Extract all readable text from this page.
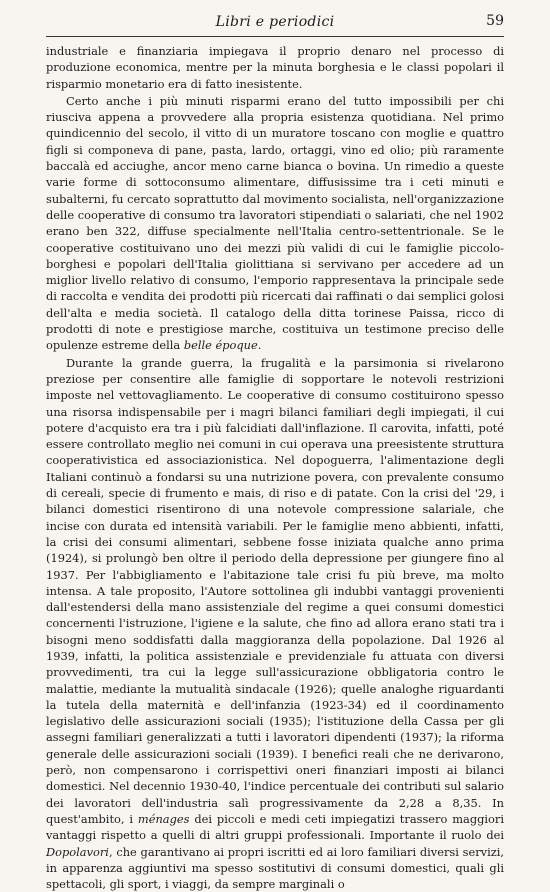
Libri e periodici	59

industriale e finanziaria impiegava il proprio denaro nel processo di produzione economica, mentre per la minuta borghesia e le classi popolari il risparmio monetario era di fatto inesistente.

Certo anche i più minuti risparmi erano del tutto impossibili per chi riusciva appena a provvedere alla propria esistenza quotidiana. Nel primo quindicennio del secolo, il vitto di un muratore toscano con moglie e quattro figli si componeva di pane, pasta, lardo, ortaggi, vino ed olio; più raramente baccalà ed acciughe, ancor meno carne bianca o bovina. Un rimedio a queste varie forme di sottoconsumo alimentare, diffusissime tra i ceti minuti e subalterni, fu cercato soprattutto dal movimento socialista, nell'organizzazione delle cooperative di consumo tra lavoratori stipendiati o salariati, che nel 1902 erano ben 322, diffuse specialmente nell'Italia centro-settentrionale. Se le cooperative costituivano uno dei mezzi più validi di cui le famiglie piccolo-borghesi e popolari dell'Italia giolittiana si servivano per accedere ad un miglior livello relativo di consumo, l'emporio rappresentava la principale sede di raccolta e vendita dei prodotti più ricercati dai raffinati o dai semplici golosi dell'alta e media società. Il catalogo della ditta torinese Paissa, ricco di prodotti di note e prestigiose marche, costituiva un testimone preciso delle opulenze estreme della belle époque.

Durante la grande guerra, la frugalità e la parsimonia si rivelarono preziose per consentire alle famiglie di sopportare le notevoli restrizioni imposte nel vettovagliamento. Le cooperative di consumo costituirono spesso una risorsa indispensabile per i magri bilanci familiari degli impiegati, il cui potere d'acquisto era tra i più falcidiati dall'inflazione. Il carovita, infatti, poté essere controllato meglio nei comuni in cui operava una preesistente struttura cooperativistica ed associazionistica. Nel dopoguerra, l'alimentazione degli Italiani continuò a fondarsi su una nutrizione povera, con prevalente consumo di cereali, specie di frumento e mais, di riso e di patate. Con la crisi del '29, i bilanci domestici risentirono di una notevole compressione salariale, che incise con durata ed intensità variabili. Per le famiglie meno abbienti, infatti, la crisi dei consumi alimentari, sebbene fosse iniziata qualche anno prima (1924), si prolungò ben oltre il periodo della depressione per giungere fino al 1937. Per l'abbigliamento e l'abitazione tale crisi fu più breve, ma molto intensa. A tale proposito, l'Autore sottolinea gli indubbi vantaggi provenienti dall'estendersi della mano assistenziale del regime a quei consumi domestici concernenti l'istruzione, l'igiene e la salute, che fino ad allora erano stati tra i bisogni meno soddisfatti dalla maggioranza della popolazione. Dal 1926 al 1939, infatti, la politica assistenziale e previdenziale fu attuata con diversi provvedimenti, tra cui la legge sull'assicurazione obbligatoria contro le malattie, mediante la mutualità sindacale (1926); quelle analoghe riguardanti la tutela della maternità e dell'infanzia (1923-34) ed il coordinamento legislativo delle assicurazioni sociali (1935); l'istituzione della Cassa per gli assegni familiari generalizzati a tutti i lavoratori dipendenti (1937); la riforma generale delle assicurazioni sociali (1939). I benefici reali che ne derivarono, però, non compensarono i corrispettivi oneri finanziari imposti ai bilanci domestici. Nel decennio 1930-40, l'indice percentuale dei contributi sul salario dei lavoratori dell'industria salì progressivamente da 2,28 a 8,35. In quest'ambito, i ménages dei piccoli e medi ceti impiegatizi trassero maggiori vantaggi rispetto a quelli di altri gruppi professionali. Importante il ruolo dei Dopolavori, che garantivano ai propri iscritti ed ai loro familiari diversi servizi, in apparenza aggiuntivi ma spesso sostitutivi di consumi domestici, quali gli spettacoli, gli sport, i viaggi, da sempre marginali o
